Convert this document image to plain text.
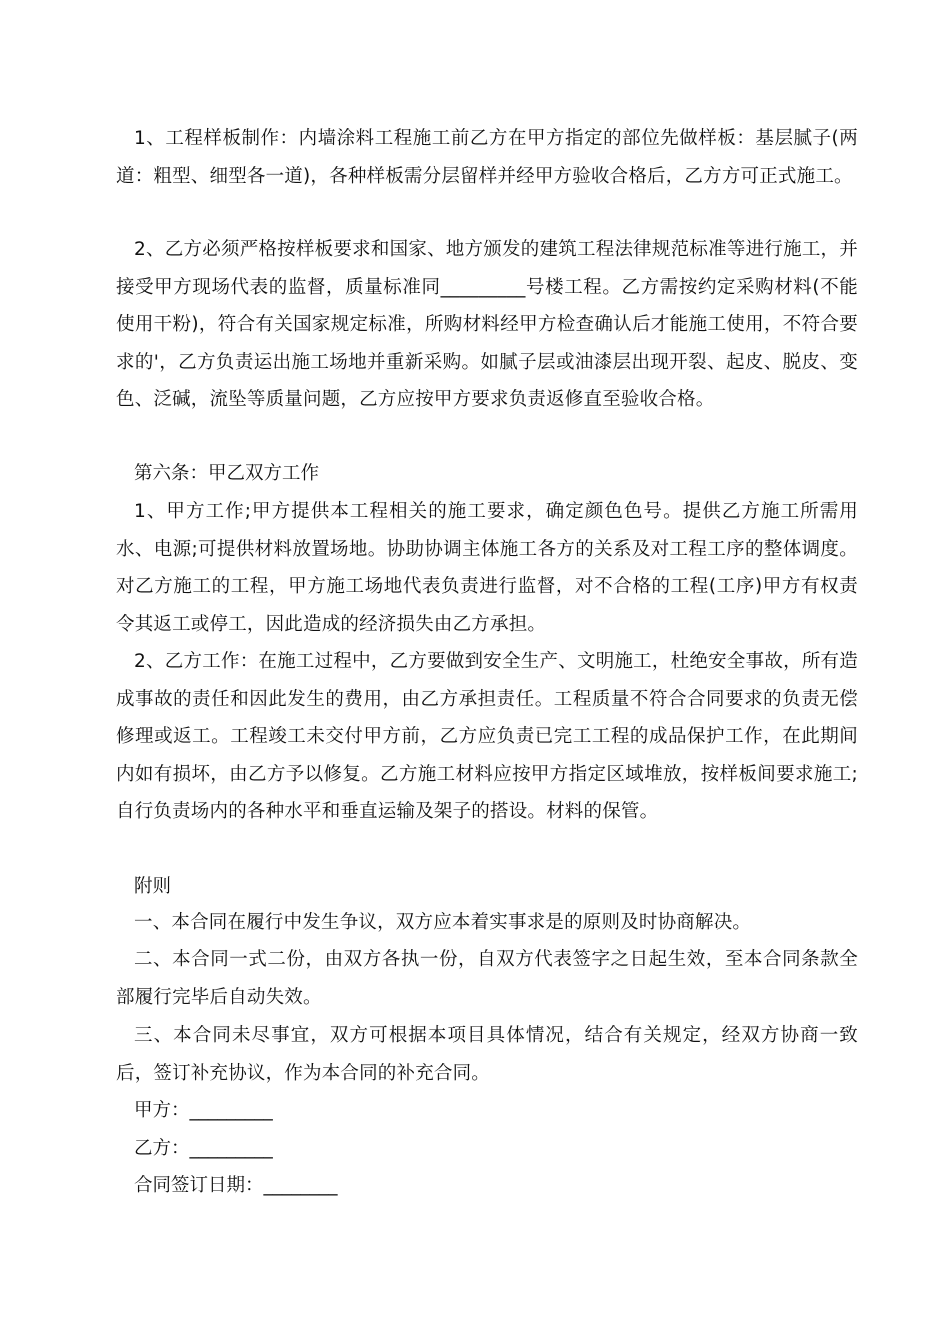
1、工程样板制作：内墙涂料工程施工前乙方在甲方指定的部位先做样板：基层腻子(两道：粗型、细型各一道)，各种样板需分层留样并经甲方验收合格后，乙方方可正式施工。

2、乙方必须严格按样板要求和国家、地方颁发的建筑工程法律规范标准等进行施工，并接受甲方现场代表的监督，质量标准同_________号楼工程。乙方需按约定采购材料(不能使用干粉)，符合有关国家规定标准，所购材料经甲方检查确认后才能施工使用，不符合要求的'，乙方负责运出施工场地并重新采购。如腻子层或油漆层出现开裂、起皮、脱皮、变色、泛碱，流坠等质量问题，乙方应按甲方要求负责返修直至验收合格。

第六条：甲乙双方工作

1、甲方工作;甲方提供本工程相关的施工要求，确定颜色色号。提供乙方施工所需用水、电源;可提供材料放置场地。协助协调主体施工各方的关系及对工程工序的整体调度。对乙方施工的工程，甲方施工场地代表负责进行监督，对不合格的工程(工序)甲方有权责令其返工或停工，因此造成的经济损失由乙方承担。

2、乙方工作：在施工过程中，乙方要做到安全生产、文明施工，杜绝安全事故，所有造成事故的责任和因此发生的费用，由乙方承担责任。工程质量不符合合同要求的负责无偿修理或返工。工程竣工未交付甲方前，乙方应负责已完工工程的成品保护工作，在此期间内如有损坏，由乙方予以修复。乙方施工材料应按甲方指定区域堆放，按样板间要求施工;自行负责场内的各种水平和垂直运输及架子的搭设。材料的保管。

附则

一、本合同在履行中发生争议，双方应本着实事求是的原则及时协商解决。

二、本合同一式二份，由双方各执一份，自双方代表签字之日起生效，至本合同条款全部履行完毕后自动失效。

三、本合同未尽事宜，双方可根据本项目具体情况，结合有关规定，经双方协商一致后，签订补充协议，作为本合同的补充合同。

甲方：_________

乙方：_________

合同签订日期：________
